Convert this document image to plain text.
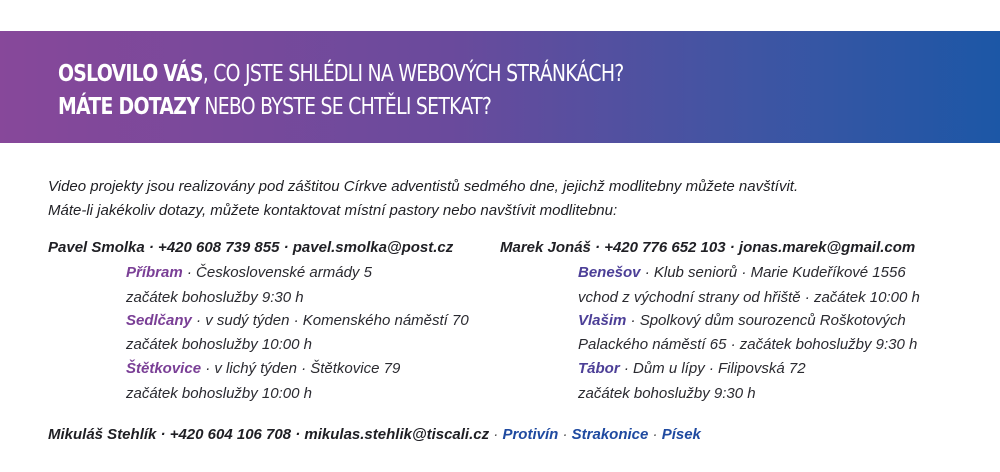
OSLOVILO VÁS, CO JSTE SHLÉDLI NA WEBOVÝCH STRÁNKÁCH?

MÁTE DOTAZY NEBO BYSTE SE CHTĚLI SETKAT?

Video projekty jsou realizovány pod záštitou Církve adventistů sedmého dne, jejichž modlitebny můžete navštívit.

Máte-li jakékoliv dotazy, můžete kontaktovat místní pastory nebo navštívit modlitebnu:

Pavel Smolka · +420 608 739 855 · pavel.smolka@post.cz

Příbram · Československé armády 5

začátek bohoslužby 9:30 h

Sedlčany · v sudý týden · Komenského náměstí 70

začátek bohoslužby 10:00 h

Štětkovice · v lichý týden · Štětkovice 79

začátek bohoslužby 10:00 h

Marek Jonáš · +420 776 652 103 · jonas.marek@gmail.com

Benešov · Klub seniorů · Marie Kudeříkové 1556

vchod z východní strany od hřiště · začátek 10:00 h

Vlašim · Spolkový dům sourozenců Roškotových

Palackého náměstí 65 · začátek bohoslužby 9:30 h

Tábor · Dům u lípy · Filipovská 72

začátek bohoslužby 9:30 h

Mikuláš Stehlík · +420 604 106 708 · mikulas.stehlik@tiscali.cz · Protivín · Strakonice · Písek
